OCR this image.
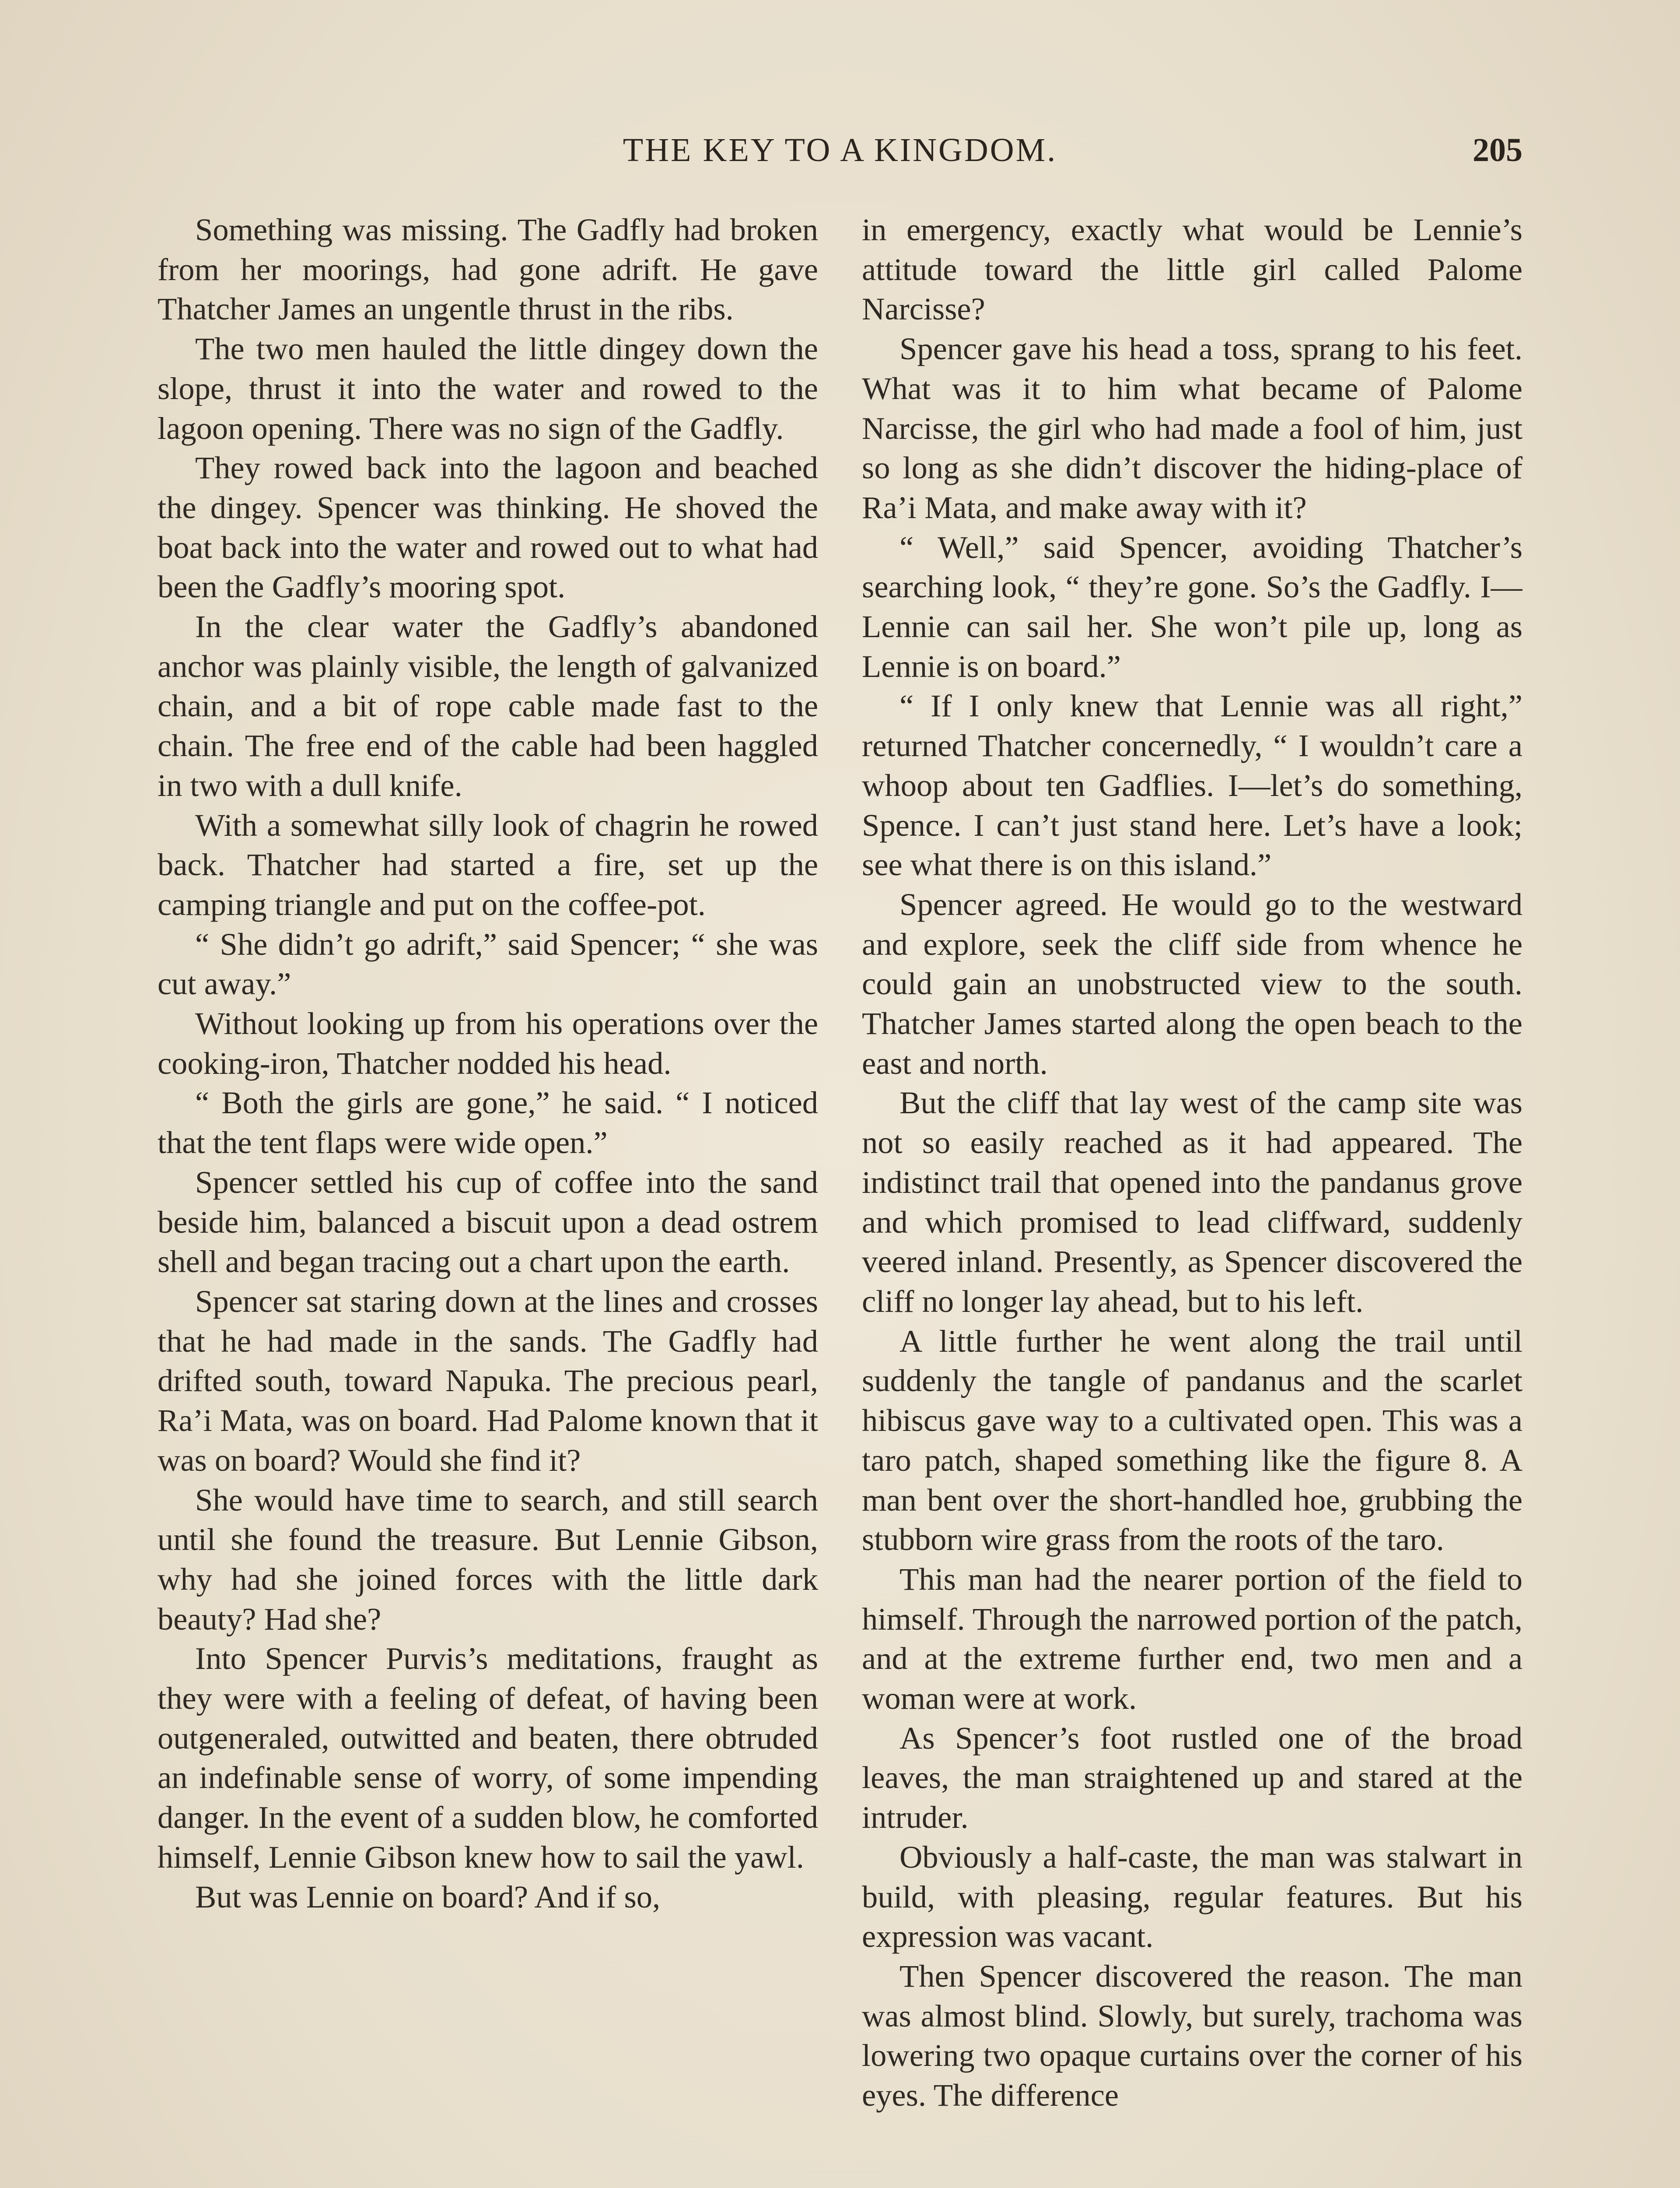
THE KEY TO A KINGDOM.	205

Something was missing. The Gadfly had broken from her moorings, had gone adrift. He gave Thatcher James an ungentle thrust in the ribs.

The two men hauled the little dingey down the slope, thrust it into the water and rowed to the lagoon opening. There was no sign of the Gadfly.

They rowed back into the lagoon and beached the dingey. Spencer was thinking. He shoved the boat back into the water and rowed out to what had been the Gadfly’s mooring spot.

In the clear water the Gadfly’s abandoned anchor was plainly visible, the length of galvanized chain, and a bit of rope cable made fast to the chain. The free end of the cable had been haggled in two with a dull knife.

With a somewhat silly look of chagrin he rowed back. Thatcher had started a fire, set up the camping triangle and put on the coffee-pot.

“ She didn’t go adrift,” said Spencer; “ she was cut away.”

Without looking up from his operations over the cooking-iron, Thatcher nodded his head.

“ Both the girls are gone,” he said. “ I noticed that the tent flaps were wide open.”

Spencer settled his cup of coffee into the sand beside him, balanced a biscuit upon a dead ostrem shell and began tracing out a chart upon the earth.

Spencer sat staring down at the lines and crosses that he had made in the sands. The Gadfly had drifted south, toward Napuka. The precious pearl, Ra’i Mata, was on board. Had Palome known that it was on board? Would she find it?

She would have time to search, and still search until she found the treasure. But Lennie Gibson, why had she joined forces with the little dark beauty? Had she?

Into Spencer Purvis’s meditations, fraught as they were with a feeling of defeat, of having been outgeneraled, outwitted and beaten, there obtruded an indefinable sense of worry, of some impending danger. In the event of a sudden blow, he comforted himself, Lennie Gibson knew how to sail the yawl.

But was Lennie on board? And if so,

in emergency, exactly what would be Lennie’s attitude toward the little girl called Palome Narcisse?

Spencer gave his head a toss, sprang to his feet. What was it to him what became of Palome Narcisse, the girl who had made a fool of him, just so long as she didn’t discover the hiding-place of Ra’i Mata, and make away with it?

“ Well,” said Spencer, avoiding Thatcher’s searching look, “ they’re gone. So’s the Gadfly. I—Lennie can sail her. She won’t pile up, long as Lennie is on board.”

“ If I only knew that Lennie was all right,” returned Thatcher concernedly, “ I wouldn’t care a whoop about ten Gadflies. I—let’s do something, Spence. I can’t just stand here. Let’s have a look; see what there is on this island.”

Spencer agreed. He would go to the westward and explore, seek the cliff side from whence he could gain an unobstructed view to the south. Thatcher James started along the open beach to the east and north.

But the cliff that lay west of the camp site was not so easily reached as it had appeared. The indistinct trail that opened into the pandanus grove and which promised to lead cliffward, suddenly veered inland. Presently, as Spencer discovered the cliff no longer lay ahead, but to his left.

A little further he went along the trail until suddenly the tangle of pandanus and the scarlet hibiscus gave way to a cultivated open. This was a taro patch, shaped something like the figure 8. A man bent over the short-handled hoe, grubbing the stubborn wire grass from the roots of the taro.

This man had the nearer portion of the field to himself. Through the narrowed portion of the patch, and at the extreme further end, two men and a woman were at work.

As Spencer’s foot rustled one of the broad leaves, the man straightened up and stared at the intruder.

Obviously a half-caste, the man was stalwart in build, with pleasing, regular features. But his expression was vacant.

Then Spencer discovered the reason. The man was almost blind. Slowly, but surely, trachoma was lowering two opaque curtains over the corner of his eyes. The difference
